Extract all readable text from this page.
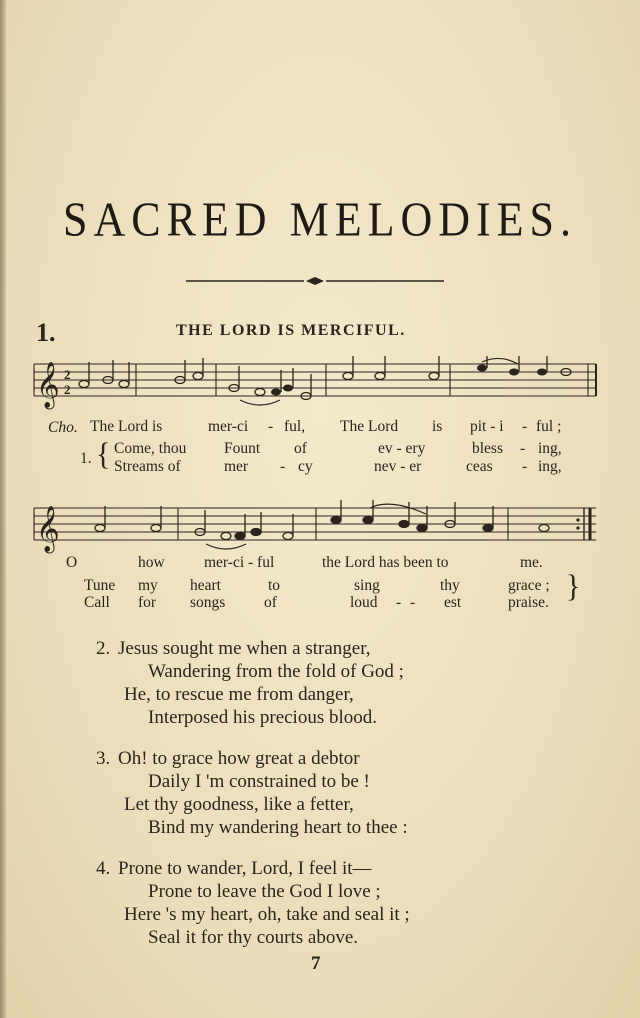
SACRED MELODIES.
1.	THE LORD IS MERCIFUL.
𝄞 2
2
Cho. The Lord is	mer-ci - ful, The Lord is pit - i - ful ;
1. { Come, thou Fount of	ev - ery	bless - ing,
Streams of	mer - cy	nev - er	ceas - ing,
𝄞
O	how	mer-ci - ful	the Lord has been to	me.
Tune my heart	to	sing	thy	grace ;
Call for songs of	loud - - est	praise. }
2. Jesus sought me when a stranger,
Wandering from the fold of God ;
He, to rescue me from danger,
Interposed his precious blood.
3. Oh! to grace how great a debtor
Daily I 'm constrained to be !
Let thy goodness, like a fetter,
Bind my wandering heart to thee :
4. Prone to wander, Lord, I feel it—
Prone to leave the God I love ;
Here 's my heart, oh, take and seal it ;
Seal it for thy courts above.
7
